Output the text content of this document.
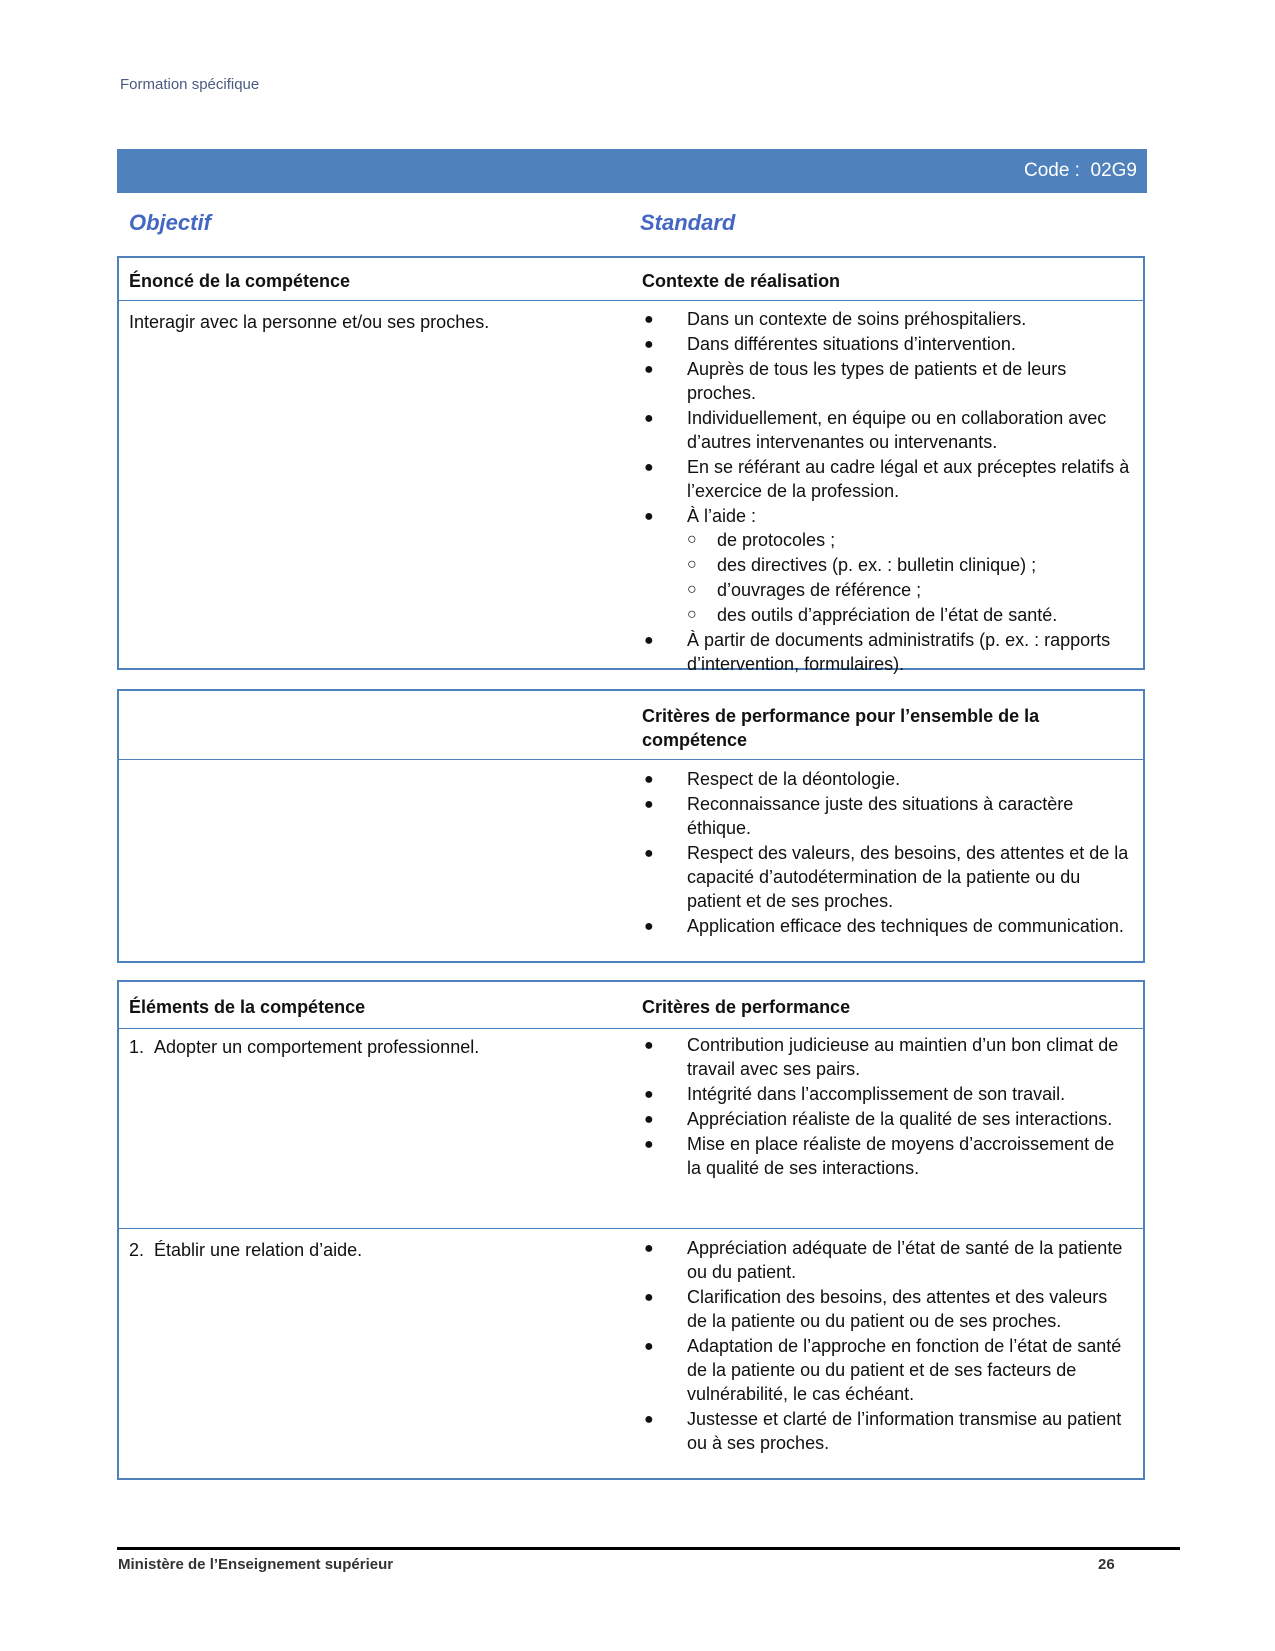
Formation spécifique
Code : 02G9
Objectif	Standard
Énoncé de la compétence	Contexte de réalisation
Interagir avec la personne et/ou ses proches.	● Dans un contexte de soins préhospitaliers.
● Dans différentes situations d’intervention.
● Auprès de tous les types de patients et de leurs proches.
● Individuellement, en équipe ou en collaboration avec d’autres intervenantes ou intervenants.
● En se référant au cadre légal et aux préceptes relatifs à l’exercice de la profession.
● À l’aide :
○ de protocoles ;
○ des directives (p. ex. : bulletin clinique) ;
○ d’ouvrages de référence ;
○ des outils d’appréciation de l’état de santé.
● À partir de documents administratifs (p. ex. : rapports d’intervention, formulaires).
Critères de performance pour l’ensemble de la compétence
● Respect de la déontologie.
● Reconnaissance juste des situations à caractère éthique.
● Respect des valeurs, des besoins, des attentes et de la capacité d’autodétermination de la patiente ou du patient et de ses proches.
● Application efficace des techniques de communication.
Éléments de la compétence	Critères de performance
1. Adopter un comportement professionnel.	● Contribution judicieuse au maintien d’un bon climat de travail avec ses pairs.
● Intégrité dans l’accomplissement de son travail.
● Appréciation réaliste de la qualité de ses interactions.
● Mise en place réaliste de moyens d’accroissement de la qualité de ses interactions.
2. Établir une relation d’aide.	● Appréciation adéquate de l’état de santé de la patiente ou du patient.
● Clarification des besoins, des attentes et des valeurs de la patiente ou du patient ou de ses proches.
● Adaptation de l’approche en fonction de l’état de santé de la patiente ou du patient et de ses facteurs de vulnérabilité, le cas échéant.
● Justesse et clarté de l’information transmise au patient ou à ses proches.
Ministère de l’Enseignement supérieur	26
